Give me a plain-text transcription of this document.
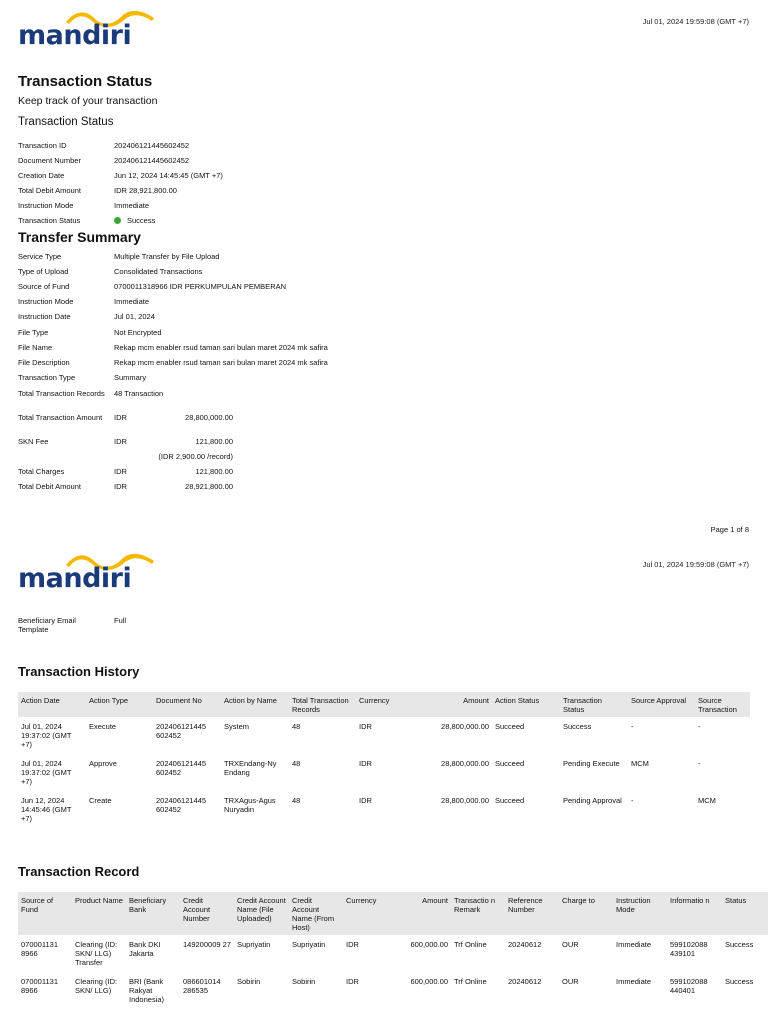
mandiri	Jul 01, 2024 19:59:08 (GMT +7)
Transaction Status
Keep track of your transaction
Transaction Status
Transaction ID	202406121445602452
Document Number	202406121445602452
Creation Date	Jun 12, 2024 14:45:45 (GMT +7)
Total Debit Amount	IDR 28,921,800.00
Instruction Mode	Immediate
Transaction Status	Success
Transfer Summary
Service Type	Multiple Transfer by File Upload
Type of Upload	Consolidated Transactions
Source of Fund	0700011318966 IDR PERKUMPULAN PEMBERAN
Instruction Mode	Immediate
Instruction Date	Jul 01, 2024
File Type	Not Encrypted
File Name	Rekap mcm enabler rsud taman sari bulan maret 2024 mk safira
File Description	Rekap mcm enabler rsud taman sari bulan maret 2024 mk safira
Transaction Type	Summary
Total Transaction Records 48 Transaction
Total Transaction Amount	IDR	28,800,000.00
SKN Fee	IDR	121,800.00
(IDR 2,900.00 /record)
Total Charges	IDR	121,800.00
Total Debit Amount	IDR	28,921,800.00
Page 1 of 8
mandiri	Jul 01, 2024 19:59:08 (GMT +7)
Beneficiary Email Template
Full
Transaction History
Action Date	Action Type	Document No	Action by Name	Total Transaction Records	Currency	Amount	Action Status	Transaction Status	Source Approval	Source Transaction
Jul 01, 2024 19:37:02 (GMT +7)	Execute	202406121445 602452	System	48	IDR	28,800,000.00	Succeed	Success	-	-
Jul 01, 2024 19:37:02 (GMT +7)	Approve	202406121445 602452	TRXEndang-Ny Endang	48	IDR	28,800,000.00	Succeed	Pending Execute	MCM	-
Jun 12, 2024 14:45:46 (GMT +7)	Create	202406121445 602452	TRXAgus-Agus Nuryadin	48	IDR	28,800,000.00	Succeed	Pending Approval	-	MCM
Transaction Record
Source of Fund	Product Name	Beneficiary Bank	Credit Account Number	Credit Account Name (File Uploaded)	Credit Account Name (From Host)	Currency	Amount	Transactio n Remark	Reference Number	Charge to	Instruction Mode	Informatio n	Status
070001131 8966	Clearing (ID: SKN/ LLG) Transfer	Bank DKI Jakarta	149200009 27	Supriyatin	Supriyatin	IDR	600,000.00	Trf Online	20240612	OUR	Immediate	599102088 439101	Success
070001131 8966	Clearing (ID: SKN/ LLG)	BRI (Bank Rakyat Indonesia)	086601014 286535	Sobirin	Sobirin	IDR	600,000.00	Trf Online	20240612	OUR	Immediate	599102088 440401	Success
